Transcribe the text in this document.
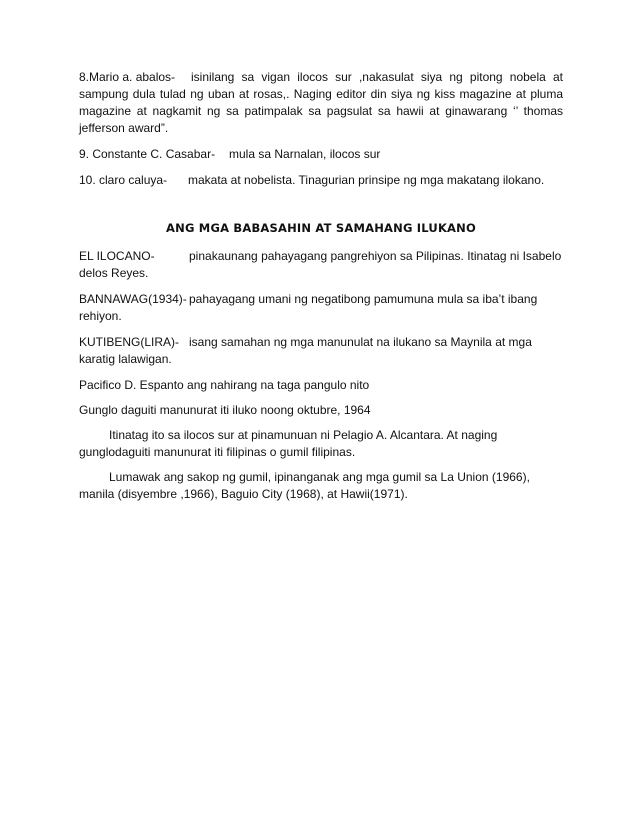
8.Mario a. abalos- isinilang sa vigan ilocos sur ,nakasulat siya ng pitong nobela at sampung dula tulad ng uban at rosas,. Naging editor din siya ng kiss magazine at pluma magazine at nagkamit ng sa patimpalak sa pagsulat sa hawii at ginawarang ‘’ thomas jefferson award”.
9. Constante C. Casabar- mula sa Narnalan, ilocos sur
10. claro caluya- makata at nobelista. Tinagurian prinsipe ng mga makatang ilokano.
ANG MGA BABASAHIN AT SAMAHANG ILUKANO
EL ILOCANO-	pinakaunang pahayagang pangrehiyon sa Pilipinas. Itinatag ni Isabelo delos Reyes.
BANNAWAG(1934)- pahayagang umani ng negatibong pamumuna mula sa iba’t ibang rehiyon.
KUTIBENG(LIRA)- isang samahan ng mga manunulat na ilukano sa Maynila at mga karatig lalawigan.

Pacifico D. Espanto ang nahirang na taga pangulo nito

Gunglo daguiti manunurat iti iluko noong oktubre, 1964

Itinatag ito sa ilocos sur at pinamunuan ni Pelagio A. Alcantara. At naging gunglodaguiti manunurat iti filipinas o gumil filipinas.

Lumawak ang sakop ng gumil, ipinanganak ang mga gumil sa La Union (1966), manila (disyembre ,1966), Baguio City (1968), at Hawii(1971).
